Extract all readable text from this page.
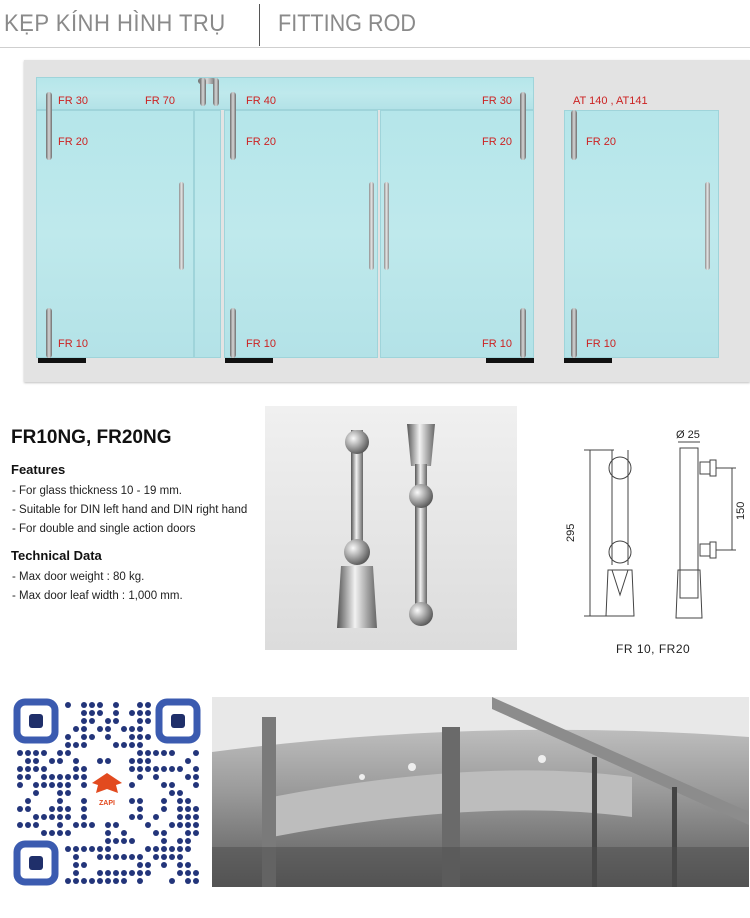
KẸP KÍNH HÌNH TRỤ FITTING ROD
FR 30	FR 70	FR 40	FR 30	AT 140 , AT141
FR 20	FR 20	FR 20	FR 20
FR 10	FR 10	FR 10	FR 10
FR10NG, FR20NG
Features
- For glass thickness 10 - 19 mm.
- Suitable for DIN left hand and DIN right hand
- For double and single action doors
Technical Data
- Max door weight : 80 kg.
- Max door leaf width : 1,000 mm.
295
Ø 25
150
FR 10, FR20
ZAPI
